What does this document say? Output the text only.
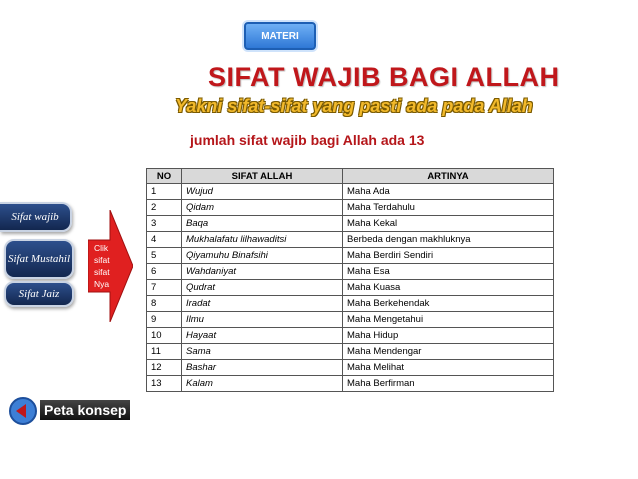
MATERI
SIFAT WAJIB BAGI ALLAH
Yakni sifat-sifat yang pasti ada pada Allah
jumlah sifat wajib bagi Allah ada 13
Sifat wajib
Sifat Mustahil
Sifat Jaiz
Clik
sifat
sifat
Nya
NO	SIFAT ALLAH	ARTINYA
1	Wujud	Maha Ada
2	Qidam	Maha Terdahulu
3	Baqa	Maha Kekal
4	Mukhalafatu lilhawaditsi	Berbeda dengan makhluknya
5	Qiyamuhu Binafsihi	Maha Berdiri Sendiri
6	Wahdaniyat	Maha Esa
7	Qudrat	Maha Kuasa
8	Iradat	Maha Berkehendak
9	Ilmu	Maha Mengetahui
10	Hayaat	Maha Hidup
11	Sama	Maha Mendengar
12	Bashar	Maha Melihat
13	Kalam	Maha Berfirman
Peta konsep
